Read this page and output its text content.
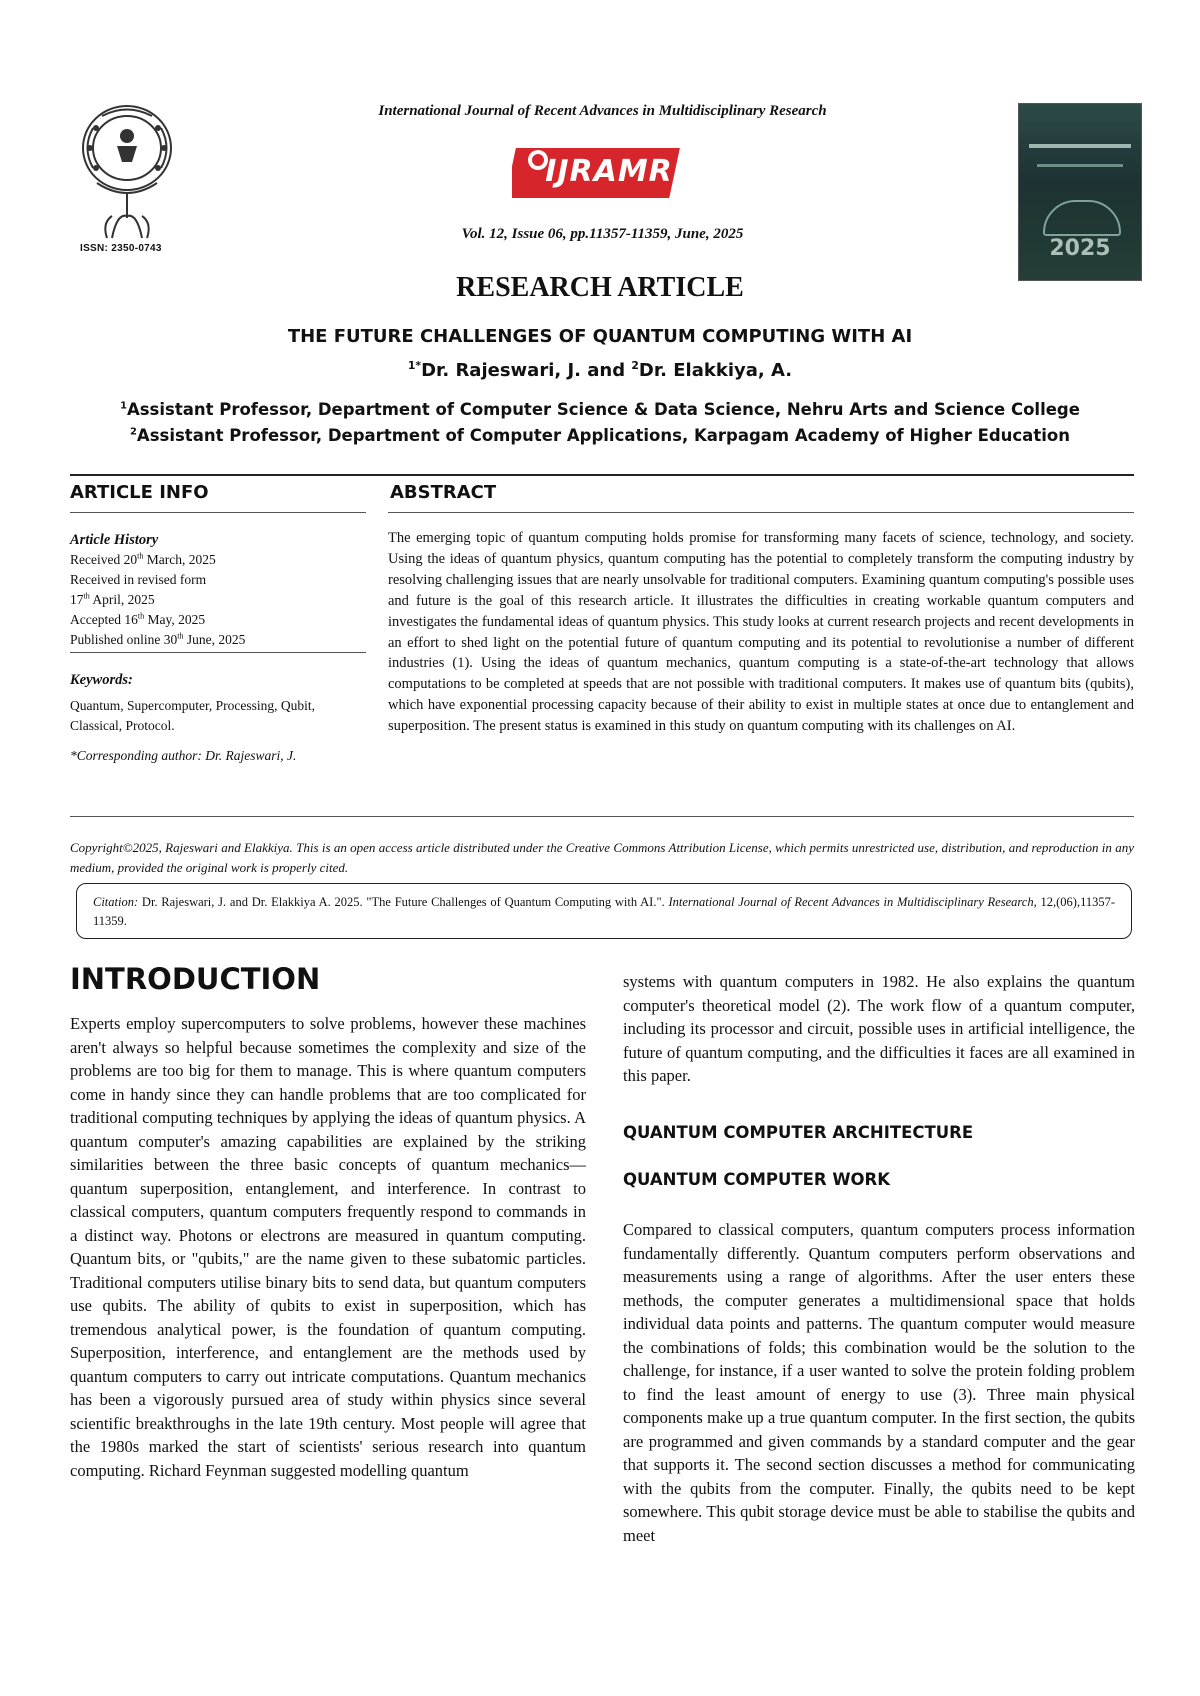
ISSN: 2350-0743
International Journal of Recent Advances in Multidisciplinary Research
IJRAMR
Vol. 12, Issue 06, pp.11357-11359, June, 2025
2025
RESEARCH ARTICLE
THE FUTURE CHALLENGES OF QUANTUM COMPUTING WITH AI
$^{1*}$Dr. Rajeswari, J. and $^2$Dr. Elakkiya, A.
$^1$Assistant Professor, Department of Computer Science & Data Science, Nehru Arts and Science College
$^2$Assistant Professor, Department of Computer Applications, Karpagam Academy of Higher Education
ARTICLE INFO	ABSTRACT
Article History
Received 20th March, 2025
Received in revised form
17th April, 2025
Accepted 16th May, 2025
Published online 30th June, 2025
Keywords:
Quantum, Supercomputer, Processing, Qubit, Classical, Protocol.
*Corresponding author: Dr. Rajeswari, J.
The emerging topic of quantum computing holds promise for transforming many facets of science, technology, and society. Using the ideas of quantum physics, quantum computing has the potential to completely transform the computing industry by resolving challenging issues that are nearly unsolvable for traditional computers. Examining quantum computing's possible uses and future is the goal of this research article. It illustrates the difficulties in creating workable quantum computers and investigates the fundamental ideas of quantum physics. This study looks at current research projects and recent developments in an effort to shed light on the potential future of quantum computing and its potential to revolutionise a number of different industries (1). Using the ideas of quantum mechanics, quantum computing is a state-of-the-art technology that allows computations to be completed at speeds that are not possible with traditional computers. It makes use of quantum bits (qubits), which have exponential processing capacity because of their ability to exist in multiple states at once due to entanglement and superposition. The present status is examined in this study on quantum computing with its challenges on AI.
Copyright©2025, Rajeswari and Elakkiya. This is an open access article distributed under the Creative Commons Attribution License, which permits unrestricted use, distribution, and reproduction in any medium, provided the original work is properly cited.
Citation: Dr. Rajeswari, J. and Dr. Elakkiya A. 2025. "The Future Challenges of Quantum Computing with AI.". International Journal of Recent Advances in Multidisciplinary Research, 12,(06),11357-11359.
INTRODUCTION
Experts employ supercomputers to solve problems, however these machines aren't always so helpful because sometimes the complexity and size of the problems are too big for them to manage. This is where quantum computers come in handy since they can handle problems that are too complicated for traditional computing techniques by applying the ideas of quantum physics. A quantum computer's amazing capabilities are explained by the striking similarities between the three basic concepts of quantum mechanics—quantum superposition, entanglement, and interference. In contrast to classical computers, quantum computers frequently respond to commands in a distinct way. Photons or electrons are measured in quantum computing. Quantum bits, or "qubits," are the name given to these subatomic particles. Traditional computers utilise binary bits to send data, but quantum computers use qubits. The ability of qubits to exist in superposition, which has tremendous analytical power, is the foundation of quantum computing. Superposition, interference, and entanglement are the methods used by quantum computers to carry out intricate computations. Quantum mechanics has been a vigorously pursued area of study within physics since several scientific breakthroughs in the late 19th century. Most people will agree that the 1980s marked the start of scientists' serious research into quantum computing. Richard Feynman suggested modelling quantum
systems with quantum computers in 1982. He also explains the quantum computer's theoretical model (2). The work flow of a quantum computer, including its processor and circuit, possible uses in artificial intelligence, the future of quantum computing, and the difficulties it faces are all examined in this paper.
QUANTUM COMPUTER ARCHITECTURE
QUANTUM COMPUTER WORK
Compared to classical computers, quantum computers process information fundamentally differently. Quantum computers perform observations and measurements using a range of algorithms. After the user enters these methods, the computer generates a multidimensional space that holds individual data points and patterns. The quantum computer would measure the combinations of folds; this combination would be the solution to the challenge, for instance, if a user wanted to solve the protein folding problem to find the least amount of energy to use (3). Three main physical components make up a true quantum computer. In the first section, the qubits are programmed and given commands by a standard computer and the gear that supports it. The second section discusses a method for communicating with the qubits from the computer. Finally, the qubits need to be kept somewhere. This qubit storage device must be able to stabilise the qubits and meet
